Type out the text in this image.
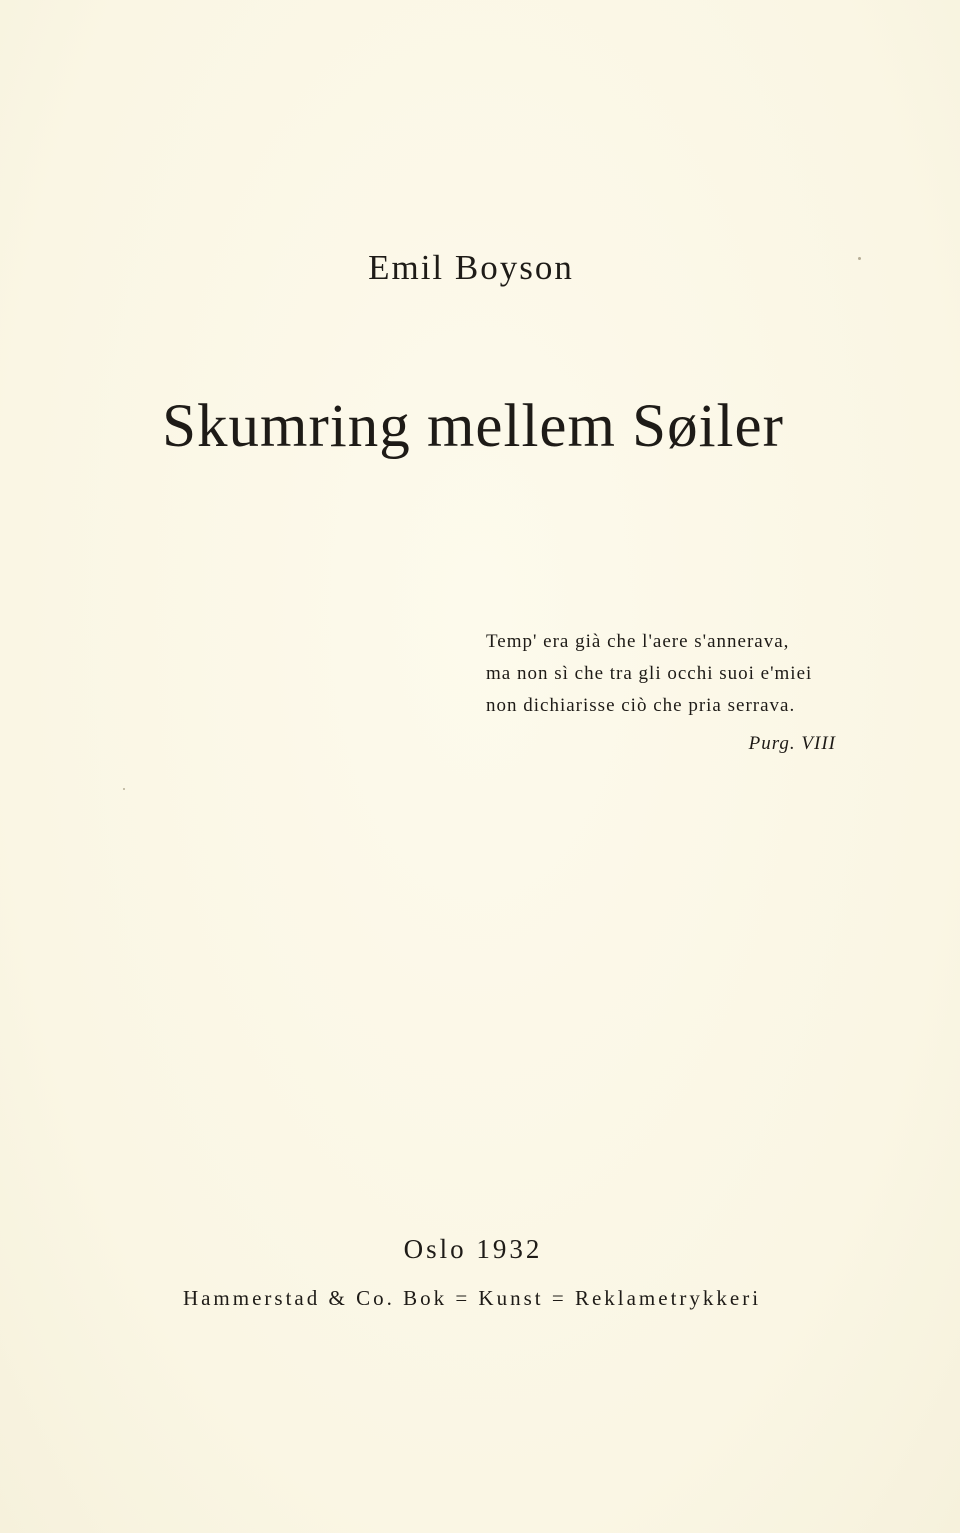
Emil Boyson
Skumring mellem Søiler
Temp' era già che l'aere s'annerava,
ma non sì che tra gli occhi suoi e'miei
non dichiarisse ciò che pria serrava.
Purg. VIII
Oslo 1932
Hammerstad & Co. Bok = Kunst = Reklametrykkeri
